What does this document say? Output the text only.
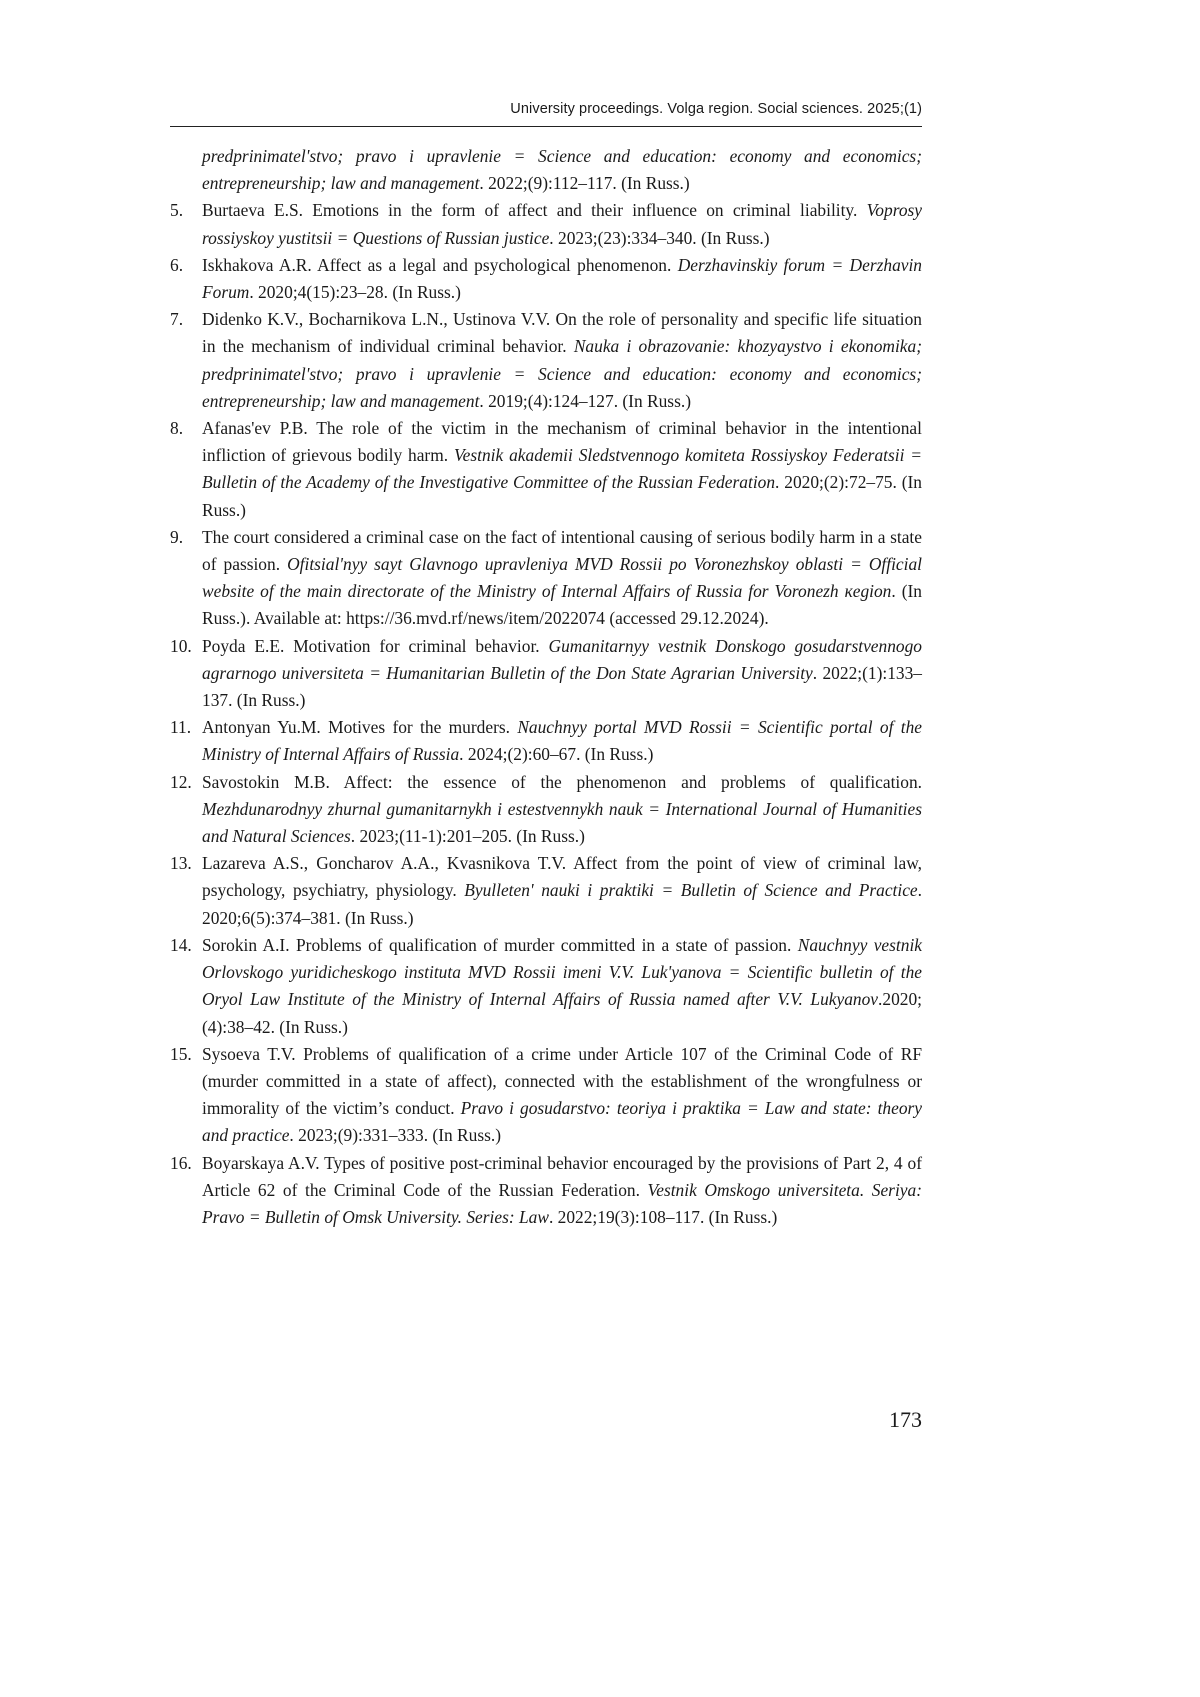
University proceedings. Volga region. Social sciences. 2025;(1)
predprinimatel'stvo; pravo i upravlenie = Science and education: economy and economics; entrepreneurship; law and management. 2022;(9):112–117. (In Russ.)
5. Burtaeva E.S. Emotions in the form of affect and their influence on criminal liability. Voprosy rossiyskoy yustitsii = Questions of Russian justice. 2023;(23):334–340. (In Russ.)
6. Iskhakova A.R. Affect as a legal and psychological phenomenon. Derzhavinskiy forum = Derzhavin Forum. 2020;4(15):23–28. (In Russ.)
7. Didenko K.V., Bocharnikova L.N., Ustinova V.V. On the role of personality and specific life situation in the mechanism of individual criminal behavior. Nauka i obrazovanie: khozyaystvo i ekonomika; predprinimatel'stvo; pravo i upravlenie = Science and education: economy and economics; entrepreneurship; law and management. 2019;(4):124–127. (In Russ.)
8. Afanas'ev P.B. The role of the victim in the mechanism of criminal behavior in the intentional infliction of grievous bodily harm. Vestnik akademii Sledstvennogo komiteta Rossiyskoy Federatsii = Bulletin of the Academy of the Investigative Committee of the Russian Federation. 2020;(2):72–75. (In Russ.)
9. The court considered a criminal case on the fact of intentional causing of serious bodily harm in a state of passion. Ofitsial'nyy sayt Glavnogo upravleniya MVD Rossii po Voronezhskoy oblasti = Official website of the main directorate of the Ministry of Internal Affairs of Russia for Voronezh кegion. (In Russ.). Available at: https://36.mvd.rf/news/item/2022074 (accessed 29.12.2024).
10. Poyda E.E. Motivation for criminal behavior. Gumanitarnyy vestnik Donskogo gosudarstvennogo agrarnogo universiteta = Humanitarian Bulletin of the Don State Agrarian University. 2022;(1):133–137. (In Russ.)
11. Antonyan Yu.M. Motives for the murders. Nauchnyy portal MVD Rossii = Scientific portal of the Ministry of Internal Affairs of Russia. 2024;(2):60–67. (In Russ.)
12. Savostokin M.B. Affect: the essence of the phenomenon and problems of qualification. Mezhdunarodnyy zhurnal gumanitarnykh i estestvennykh nauk = International Journal of Humanities and Natural Sciences. 2023;(11-1):201–205. (In Russ.)
13. Lazareva A.S., Goncharov A.A., Kvasnikova T.V. Affect from the point of view of criminal law, psychology, psychiatry, physiology. Byulleten' nauki i praktiki = Bulletin of Science and Practice. 2020;6(5):374–381. (In Russ.)
14. Sorokin A.I. Problems of qualification of murder committed in a state of passion. Nauchnyy vestnik Orlovskogo yuridicheskogo instituta MVD Rossii imeni V.V. Luk'yanova = Scientific bulletin of the Oryol Law Institute of the Ministry of Internal Affairs of Russia named after V.V. Lukyanov.2020;(4):38–42. (In Russ.)
15. Sysoeva T.V. Problems of qualification of a crime under Article 107 of the Criminal Code of RF (murder committed in a state of affect), connected with the establishment of the wrongfulness or immorality of the victim’s conduct. Pravo i gosudarstvo: teoriya i praktika = Law and state: theory and practice. 2023;(9):331–333. (In Russ.)
16. Boyarskaya A.V. Types of positive post-criminal behavior encouraged by the provisions of Part 2, 4 of Article 62 of the Criminal Code of the Russian Federation. Vestnik Omskogo universiteta. Seriya: Pravo = Bulletin of Omsk University. Series: Law. 2022;19(3):108–117. (In Russ.)
173
